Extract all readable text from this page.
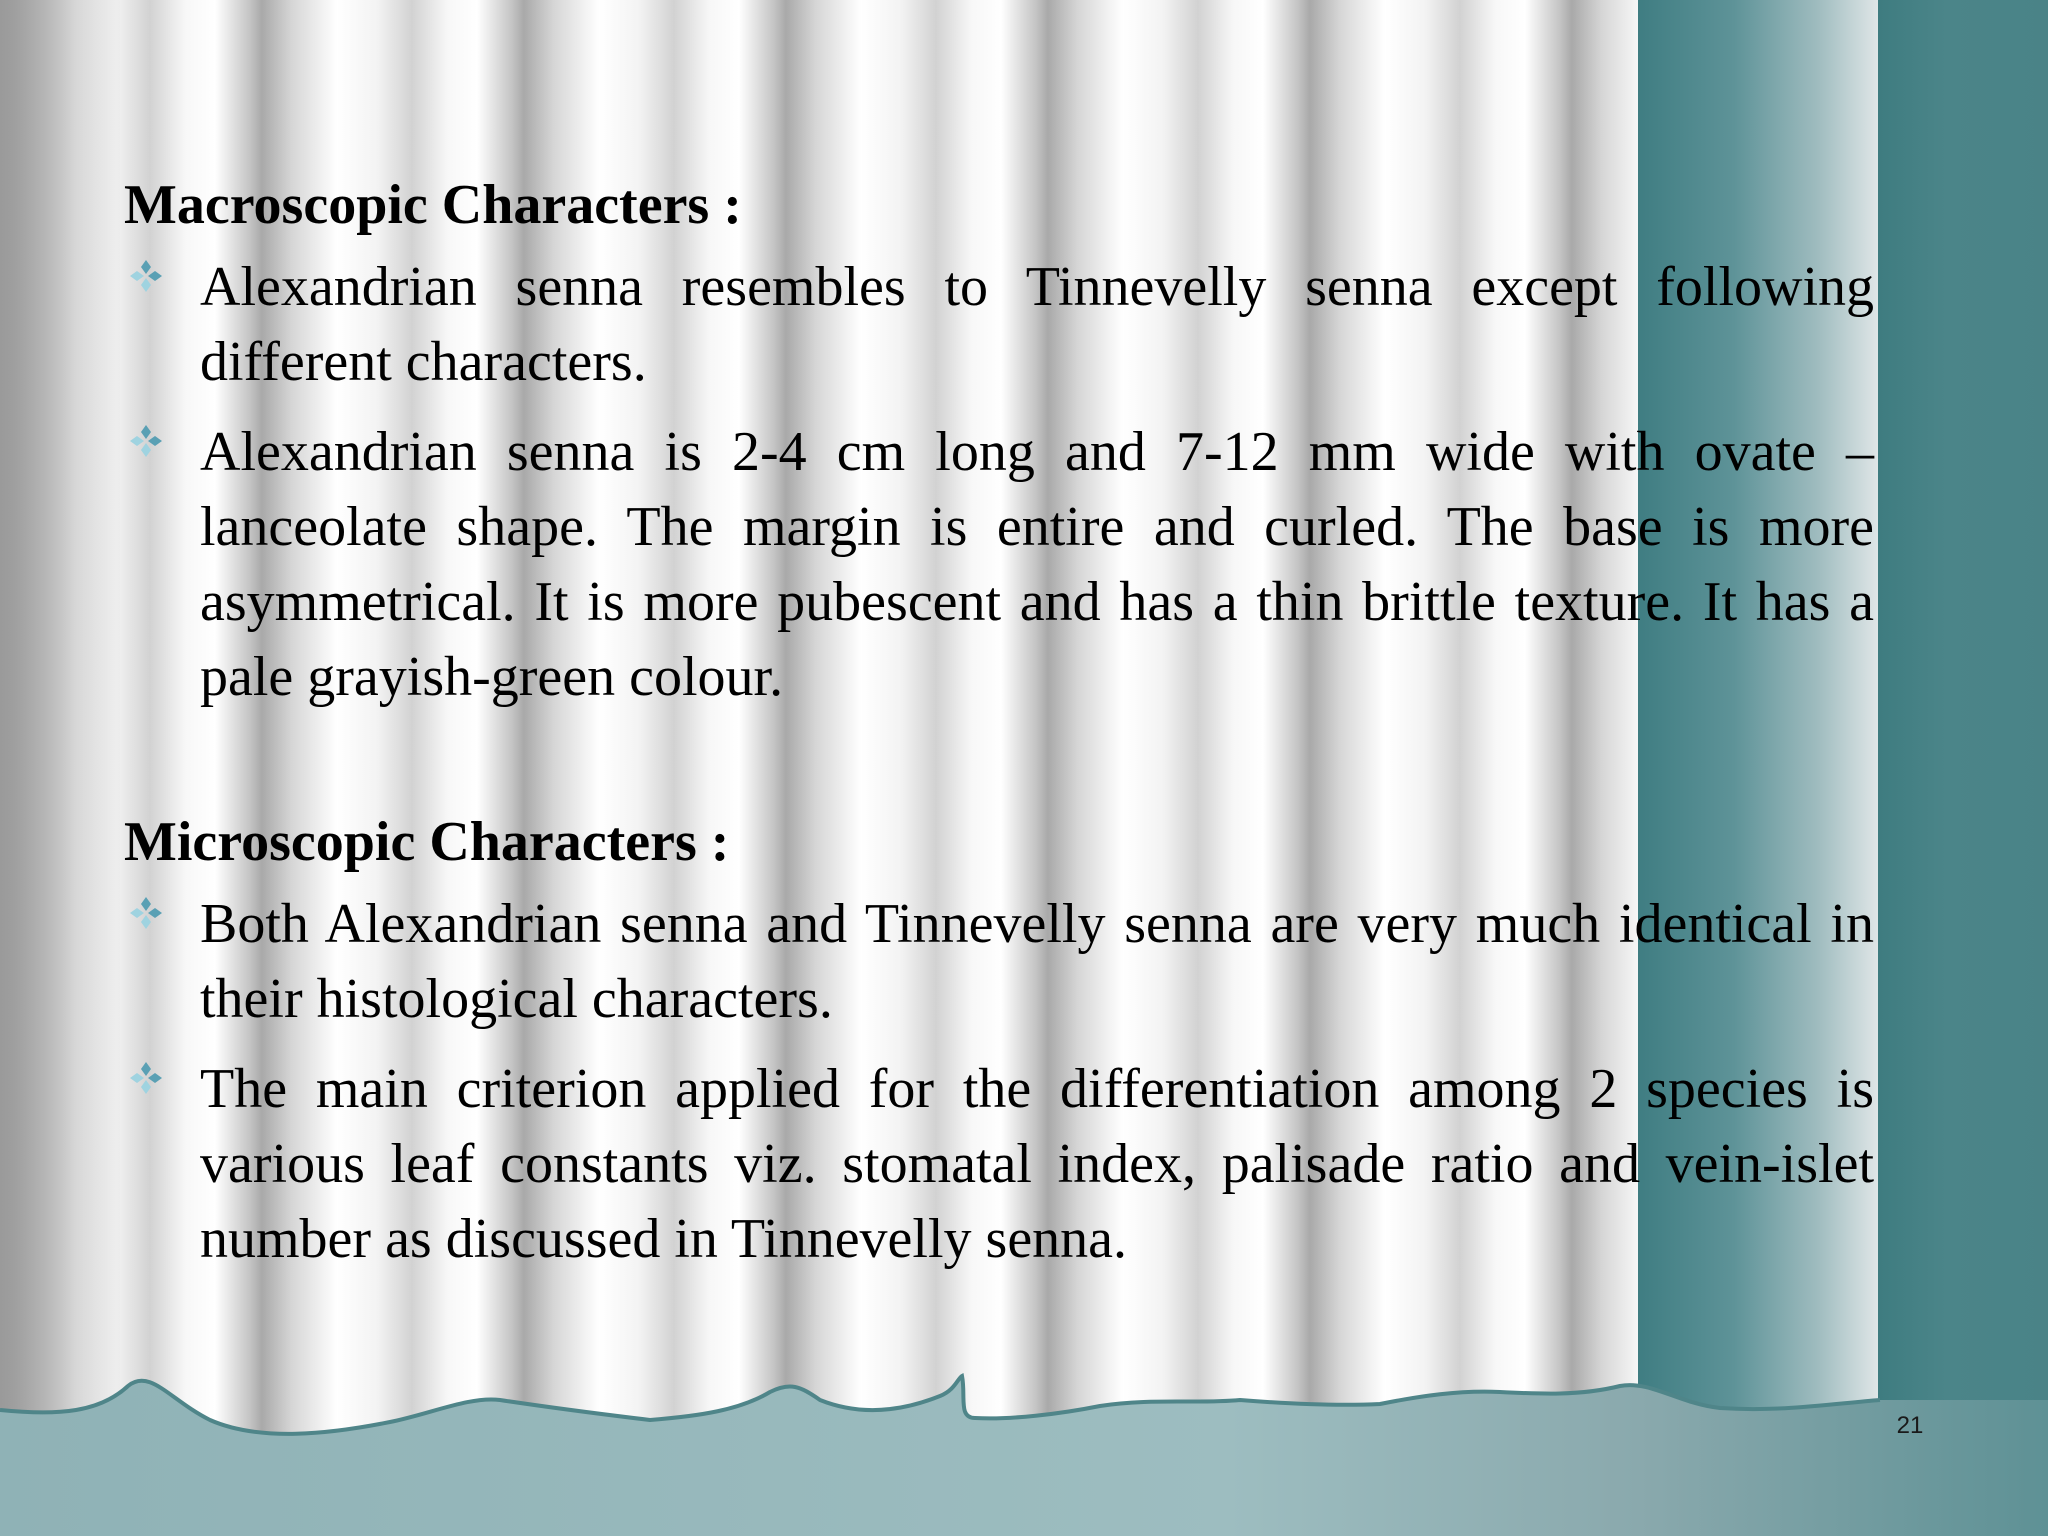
Macroscopic Characters :
Alexandrian senna resembles to Tinnevelly senna except following different characters.
Alexandrian senna is 2-4 cm long and 7-12 mm wide with ovate – lanceolate shape. The margin is entire and curled. The base is more asymmetrical. It is more pubescent and has a thin brittle texture. It has a pale grayish-green colour.
Microscopic Characters :
Both Alexandrian senna and Tinnevelly senna are very much identical in their histological characters.
The main criterion applied for the differentiation among 2 species is various leaf constants viz. stomatal index, palisade ratio and vein-islet number as discussed in Tinnevelly senna.
21
